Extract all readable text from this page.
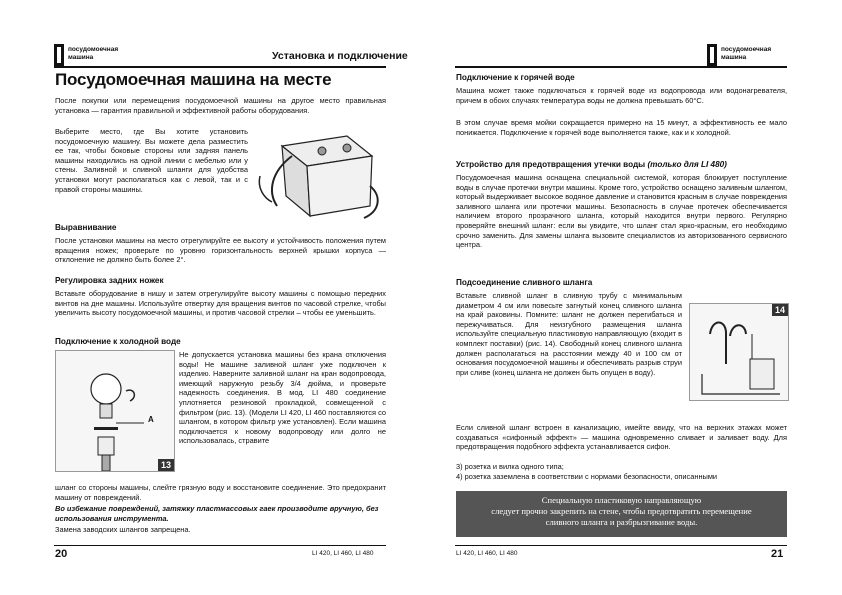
посудомоечная
машина	Установка и подключение
Посудомоечная машина на месте

После покупки или перемещения посудомоечной машины на другое место правильная установка — гарантия правильной и эффективной работы оборудования.

Выберите место, где Вы хотите установить посудомоечную машину. Вы можете дела разместить ее так, чтобы боковые стороны или задняя панель машины находились на одной линии с мебелью или у стены. Заливной и сливной шланги для удобства установки могут располагаться как с левой, так и с правой стороны машины.

Выравнивание

После установки машины на место отрегулируйте ее высоту и устойчивость положения путем вращения ножек; проверьте по уровню горизонтальность верхней крышки корпуса — отклонение не должно быть более 2°.

Регулировка задних ножек

Вставьте оборудование в нишу и затем отрегулируйте высоту машины с помощью передних винтов на дне машины. Используйте отвертку для вращения винтов по часовой стрелке, чтобы увеличить высоту посудомоечной машины, и против часовой стрелки – чтобы ее уменьшить.

Подключение к холодной воде

A
13

Не допускается установка машины без крана отключения воды! Не машине заливной шланг уже подключен к изделию. Наверните заливной шланг на кран водопровода, имеющий наружную резьбу 3/4 дюйма, и проверьте надежность соединения. В мод. LI 480 соединение уплотняется резиновой прокладкой, совмещенной с фильтром (рис. 13). (Модели LI 420, LI 460 поставляются со шлангом, в котором фильтр уже установлен). Если машина подключается к новому водопроводу или долго не использовалась, стравите

шланг со стороны машины, слейте грязную воду и восстановите соединение. Это предохранит машину от повреждений.

Во избежание повреждений, затяжку пластмассовых гаек производите вручную, без использования инструмента.

Замена заводских шлангов запрещена.

20	LI 420, LI 460, LI 480
посудомоечная
машина

Подключение к горячей воде

Машина может также подключаться к горячей воде из водопровода или водонагревателя, причем в обоих случаях температура воды не должна превышать 60°С.

В этом случае время мойки сокращается примерно на 15 минут, а эффективность ее мало понижается. Подключение к горячей воде выполняется также, как и к холодной.

Устройство для предотвращения утечки воды (только для LI 480)

Посудомоечная машина оснащена специальной системой, которая блокирует поступление воды в случае протечки внутри машины. Кроме того, устройство оснащено заливным шлангом, который выдерживает высокое водяное давление и становится красным в случае повреждения заливного шланга или протечки машины. Безопасность в случае протечек обеспечивается наличием второго прозрачного шланга, который находится внутри первого. Регулярно проверяйте внешний шланг: если вы увидите, что шланг стал ярко-красным, его необходимо срочно заменить. Для замены шланга вызовите специалистов из авторизованного сервисного центра.

Подсоединение сливного шланга

Вставьте сливной шланг в сливную трубу с минимальным диаметром 4 см или повесьте загнутый конец сливного шланга на край раковины. Помните: шланг не должен перегибаться и пережучиваться. Для неизгубного размещения шланга используйте специальную пластиковую направляющую (входит в комплект поставки) (рис. 14). Свободный конец сливного шланга должен располагаться на расстоянии между 40 и 100 см от основания посудомоечной машины и обеспечивать разрыв струи при сливе (конец шланга не должен быть опущен в воду).

14

Если сливной шланг встроен в канализацию, имейте ввиду, что на верхних этажах может создаваться «сифонный эффект» — машина одновременно сливает и заливает воду. Для предотвращения подобного эффекта устанавливается сифон.

3) розетка и вилка одного типа;
4) розетка заземлена в соответствии с нормами безопасности, описанными
Специальную пластиковую направляющую
следует прочно закрепить на стене, чтобы предотвратить перемещение
сливного шланга и разбрызгивание воды.
LI 420, LI 460, LI 480	21
